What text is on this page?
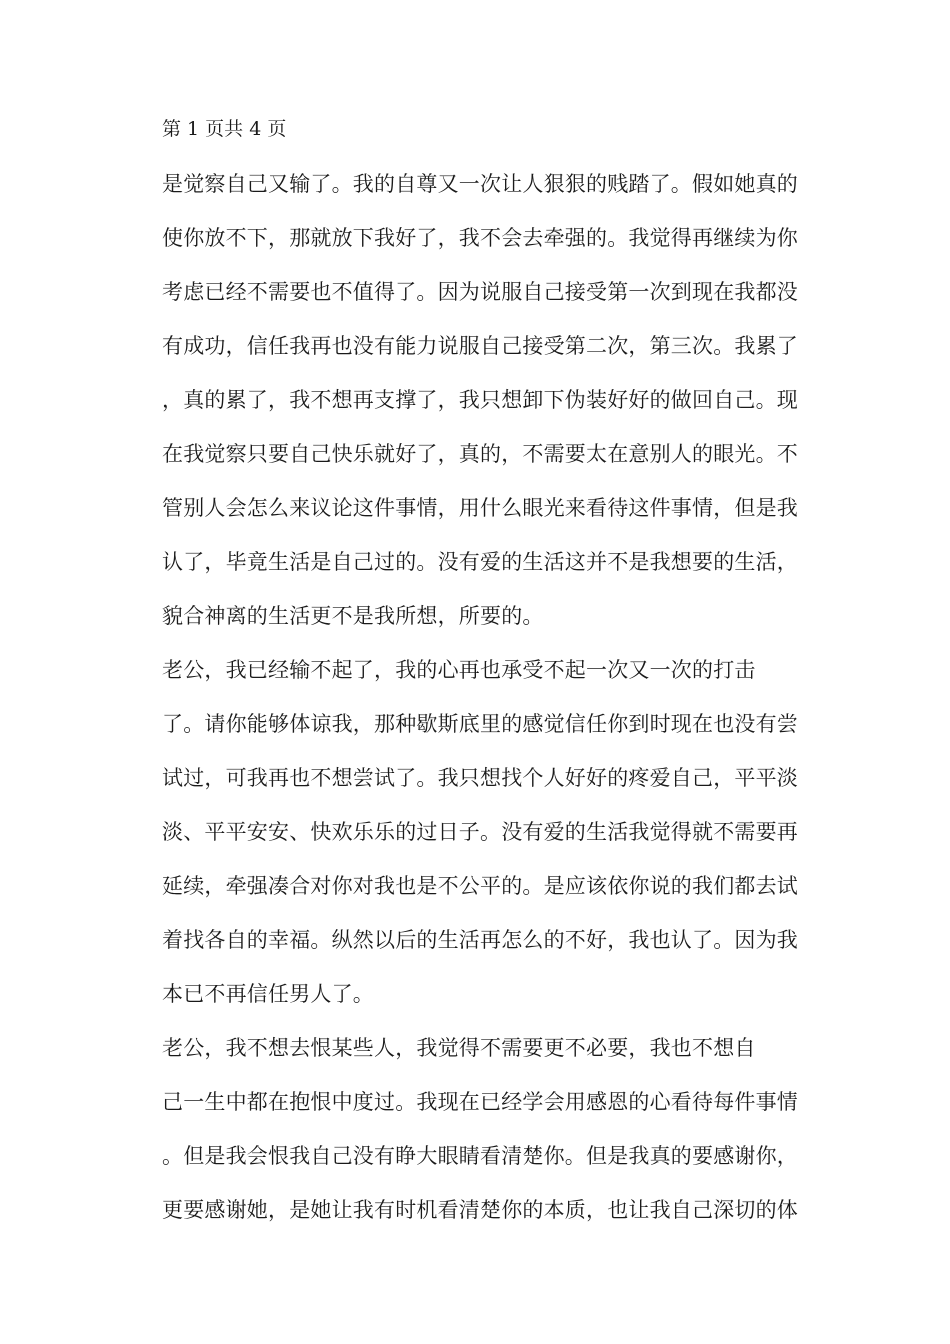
第 1 页共 4 页
是觉察自己又输了。我的自尊又一次让人狠狠的贱踏了。假如她真的
使你放不下，那就放下我好了，我不会去牵强的。我觉得再继续为你
考虑已经不需要也不值得了。因为说服自己接受第一次到现在我都没
有成功，信任我再也没有能力说服自己接受第二次，第三次。我累了
，真的累了，我不想再支撑了，我只想卸下伪装好好的做回自己。现
在我觉察只要自己快乐就好了，真的，不需要太在意别人的眼光。不
管别人会怎么来议论这件事情，用什么眼光来看待这件事情，但是我
认了，毕竟生活是自己过的。没有爱的生活这并不是我想要的生活，
貌合神离的生活更不是我所想，所要的。
老公，我已经输不起了，我的心再也承受不起一次又一次的打击
了。请你能够体谅我，那种歇斯底里的感觉信任你到时现在也没有尝
试过，可我再也不想尝试了。我只想找个人好好的疼爱自己，平平淡
淡、平平安安、快欢乐乐的过日子。没有爱的生活我觉得就不需要再
延续，牵强凑合对你对我也是不公平的。是应该依你说的我们都去试
着找各自的幸福。纵然以后的生活再怎么的不好，我也认了。因为我
本已不再信任男人了。
老公，我不想去恨某些人，我觉得不需要更不必要，我也不想自
己一生中都在抱恨中度过。我现在已经学会用感恩的心看待每件事情
。但是我会恨我自己没有睁大眼睛看清楚你。但是我真的要感谢你，
更要感谢她，是她让我有时机看清楚你的本质，也让我自己深切的体
